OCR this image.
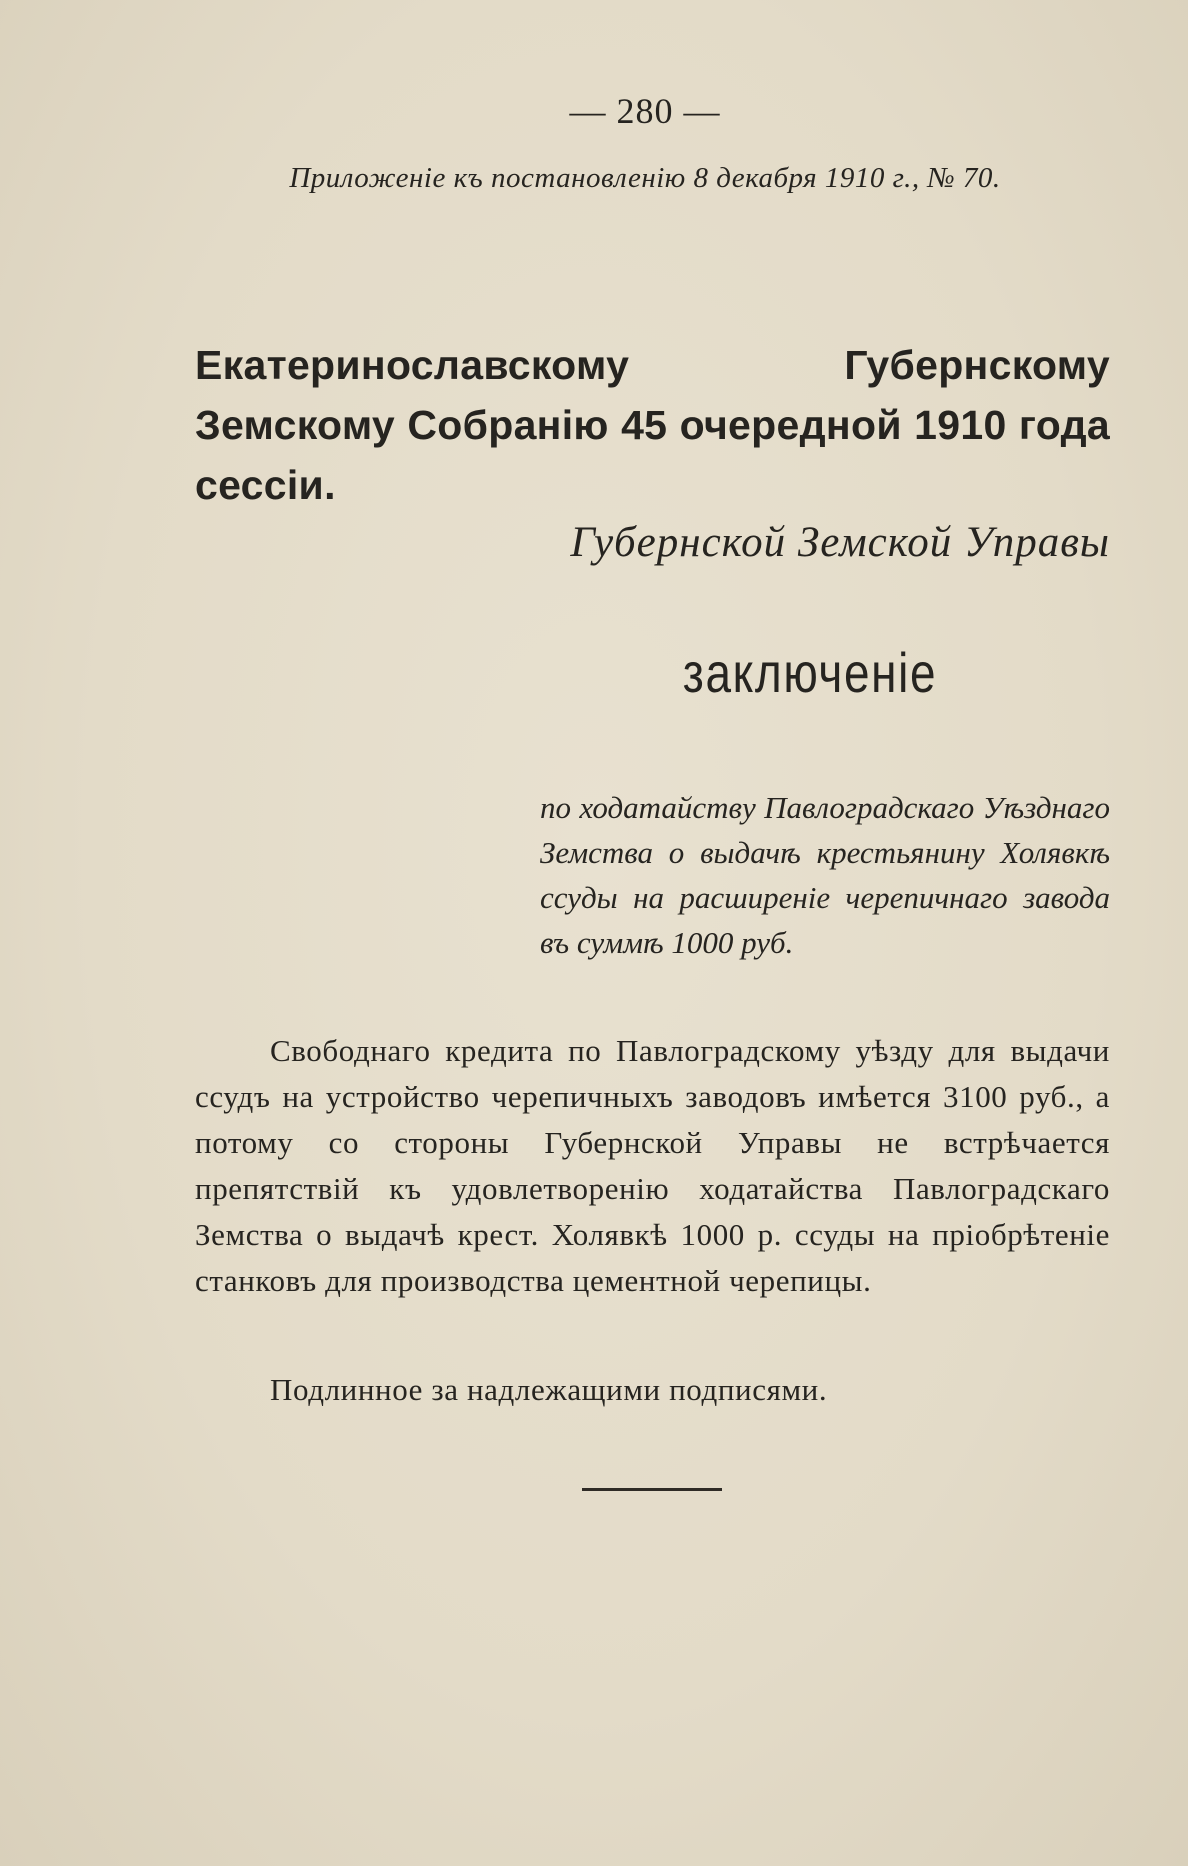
— 280 —
Приложеніе къ постановленію 8 декабря 1910 г., № 70.
Екатеринославскому Губернскому Земскому Собранію 45 очередной 1910 года сессіи.
Губернской Земской Управы
заключеніе
по ходатайству Павлоградскаго Уѣзднаго Земства о выдачѣ крестьянину Холявкѣ ссуды на расширеніе черепичнаго завода въ суммѣ 1000 руб.
Свободнаго кредита по Павлоградскому уѣзду для выдачи ссудъ на устройство черепичныхъ заводовъ имѣется 3100 руб., а потому со стороны Губернской Управы не встрѣчается препятствій къ удовлетворенію ходатайства Павлоградскаго Земства о выдачѣ крест. Холявкѣ 1000 р. ссуды на пріобрѣтеніе станковъ для производства цементной черепицы.
Подлинное за надлежащими подписями.
